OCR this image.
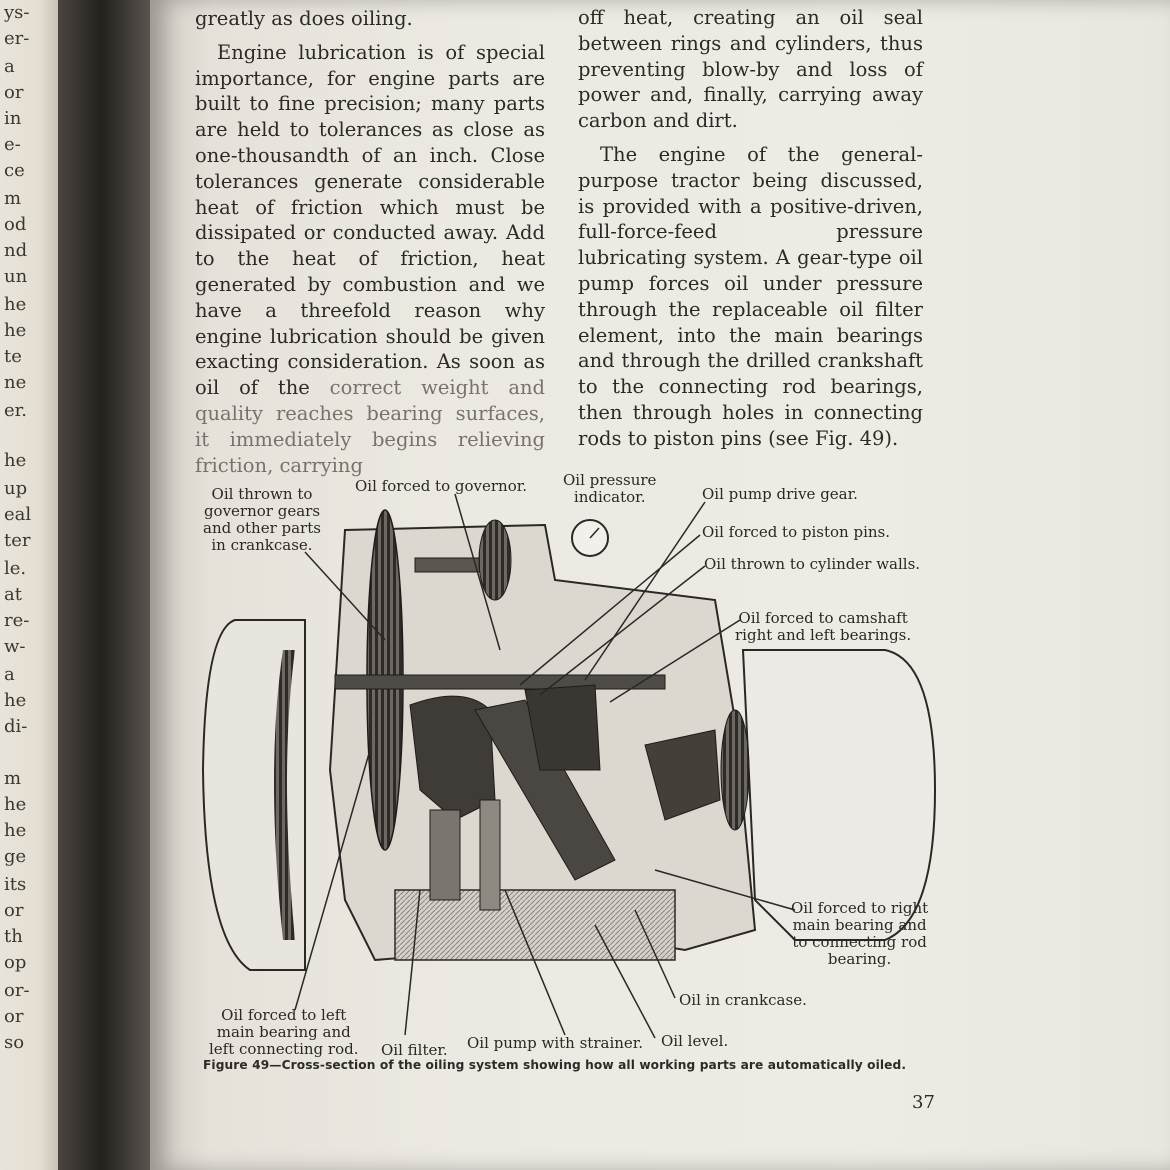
ys-
er-
a
or
in
e-
ce
m
od
nd
un
he
he
te
ne
er.
he
up
eal
ter
le.
at
re-
w-
a
he
di-
m
he
he
ge
its
or
th
op
or-
or
so

greatly as does oiling.

Engine lubrication is of special importance, for engine parts are built to fine precision; many parts are held to tolerances as close as one-thousandth of an inch. Close tolerances generate considerable heat of friction which must be dissipated or conducted away. Add to the heat of friction, heat generated by combustion and we have a threefold reason why engine lubrication should be given exacting consideration. As soon as oil of the correct weight and quality reaches bearing surfaces, it immediately begins relieving friction, carrying

off heat, creating an oil seal between rings and cylinders, thus preventing blow-by and loss of power and, finally, carrying away carbon and dirt.

The engine of the general-purpose tractor being discussed, is provided with a positive-driven, full-force-feed pressure lubricating system. A gear-type oil pump forces oil under pressure through the replaceable oil filter element, into the main bearings and through the drilled crankshaft to the connecting rod bearings, then through holes in connecting rods to piston pins (see Fig. 49).

Oil thrown to
governor gears
and other parts
in crankcase.
Oil forced to governor. Oil pressure
indicator.	Oil pump drive gear.
Oil forced to piston pins.
Oil thrown to cylinder walls.
Oil forced to camshaft
right and left bearings.
Oil forced to right
main bearing and
to connecting rod
bearing.
Oil in crankcase.
Oil forced to left
main bearing and
left connecting rod. Oil filter. Oil pump with strainer. Oil level.
Figure 49—Cross-section of the oiling system showing how all working parts are automatically oiled.
37
